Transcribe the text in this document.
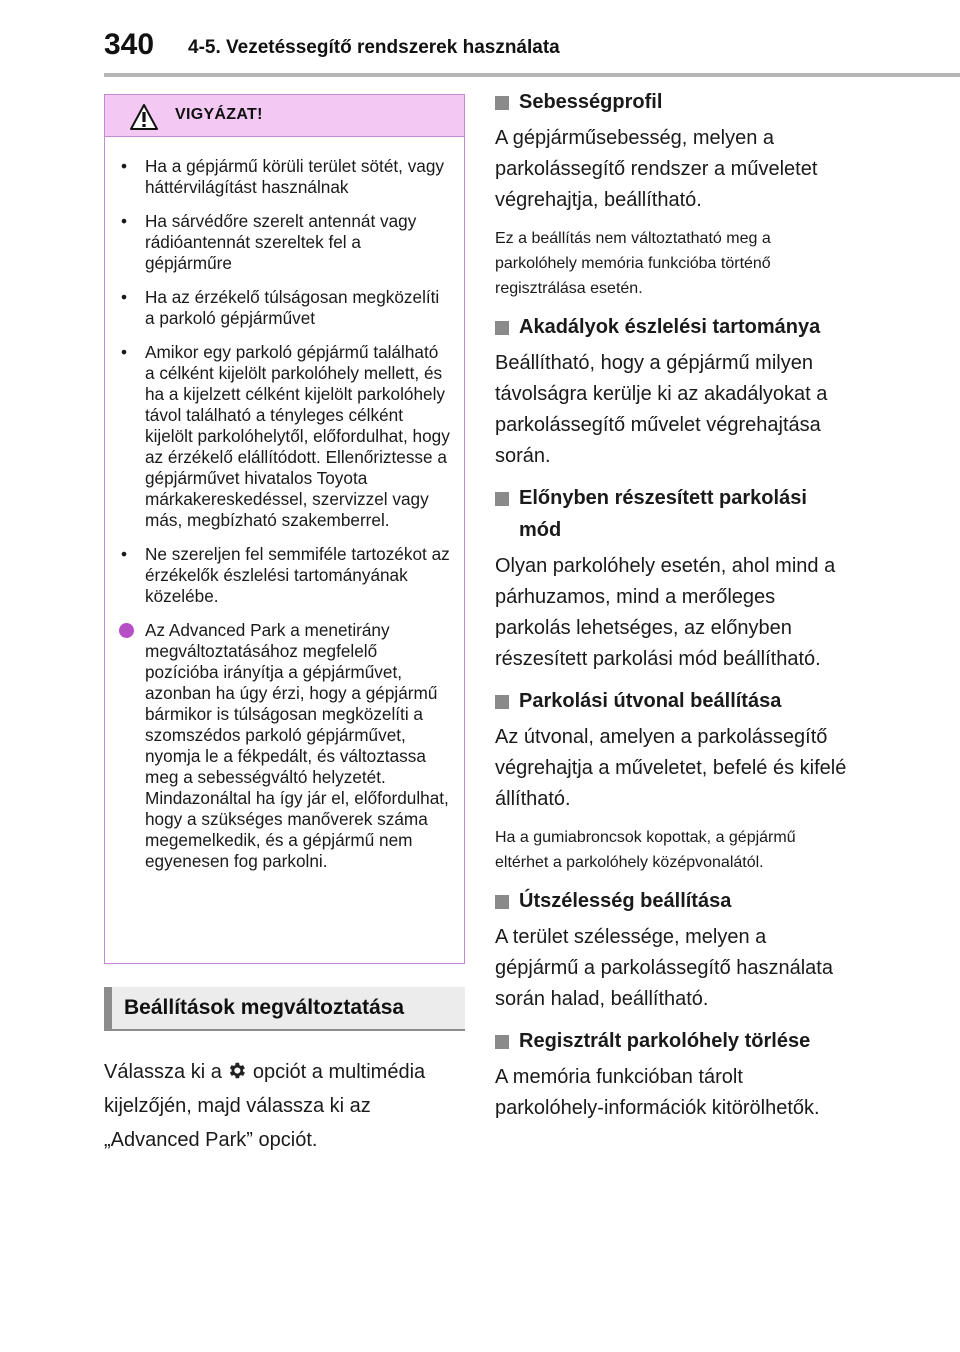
340 4-5. Vezetéssegítő rendszerek használata
VIGYÁZAT!
• Ha a gépjármű körüli terület sötét, vagy háttérvilágítást használnak
• Ha sárvédőre szerelt antennát vagy rádióantennát szereltek fel a gépjárműre
• Ha az érzékelő túlságosan megközelíti a parkoló gépjárművet
• Amikor egy parkoló gépjármű található a célként kijelölt parkolóhely mellett, és ha a kijelzett célként kijelölt parkolóhely távol található a tényleges célként kijelölt parkolóhelytől, előfordulhat, hogy az érzékelő elállítódott. Ellenőriztesse a gépjárművet hivatalos Toyota márkakereskedéssel, szervizzel vagy más, megbízható szakemberrel.
• Ne szereljen fel semmiféle tartozékot az érzékelők észlelési tartományának közelébe.
Az Advanced Park a menetirány megváltoztatásához megfelelő pozícióba irányítja a gépjárművet, azonban ha úgy érzi, hogy a gépjármű bármikor is túlságosan megközelíti a szomszédos parkoló gépjárművet, nyomja le a fékpedált, és változtassa meg a sebességváltó helyzetét. Mindazonáltal ha így jár el, előfordulhat, hogy a szükséges manőverek száma megemelkedik, és a gépjármű nem egyenesen fog parkolni.
Beállítások megváltoztatása
Válassza ki a opciót a multimédia kijelzőjén, majd válassza ki az „Advanced Park” opciót.
Sebességprofil
A gépjárműsebesség, melyen a parkolássegítő rendszer a műveletet végrehajtja, beállítható.
Ez a beállítás nem változtatható meg a parkolóhely memória funkcióba történő regisztrálása esetén.
Akadályok észlelési tartománya
Beállítható, hogy a gépjármű milyen távolságra kerülje ki az akadályokat a parkolássegítő művelet végrehajtása során.
Előnyben részesített parkolási mód
Olyan parkolóhely esetén, ahol mind a párhuzamos, mind a merőleges parkolás lehetséges, az előnyben részesített parkolási mód beállítható.
Parkolási útvonal beállítása
Az útvonal, amelyen a parkolássegítő végrehajtja a műveletet, befelé és kifelé állítható.
Ha a gumiabroncsok kopottak, a gépjármű eltérhet a parkolóhely középvonalától.
Útszélesség beállítása
A terület szélessége, melyen a gépjármű a parkolássegítő használata során halad, beállítható.
Regisztrált parkolóhely törlése
A memória funkcióban tárolt parkolóhely-információk kitörölhetők.
